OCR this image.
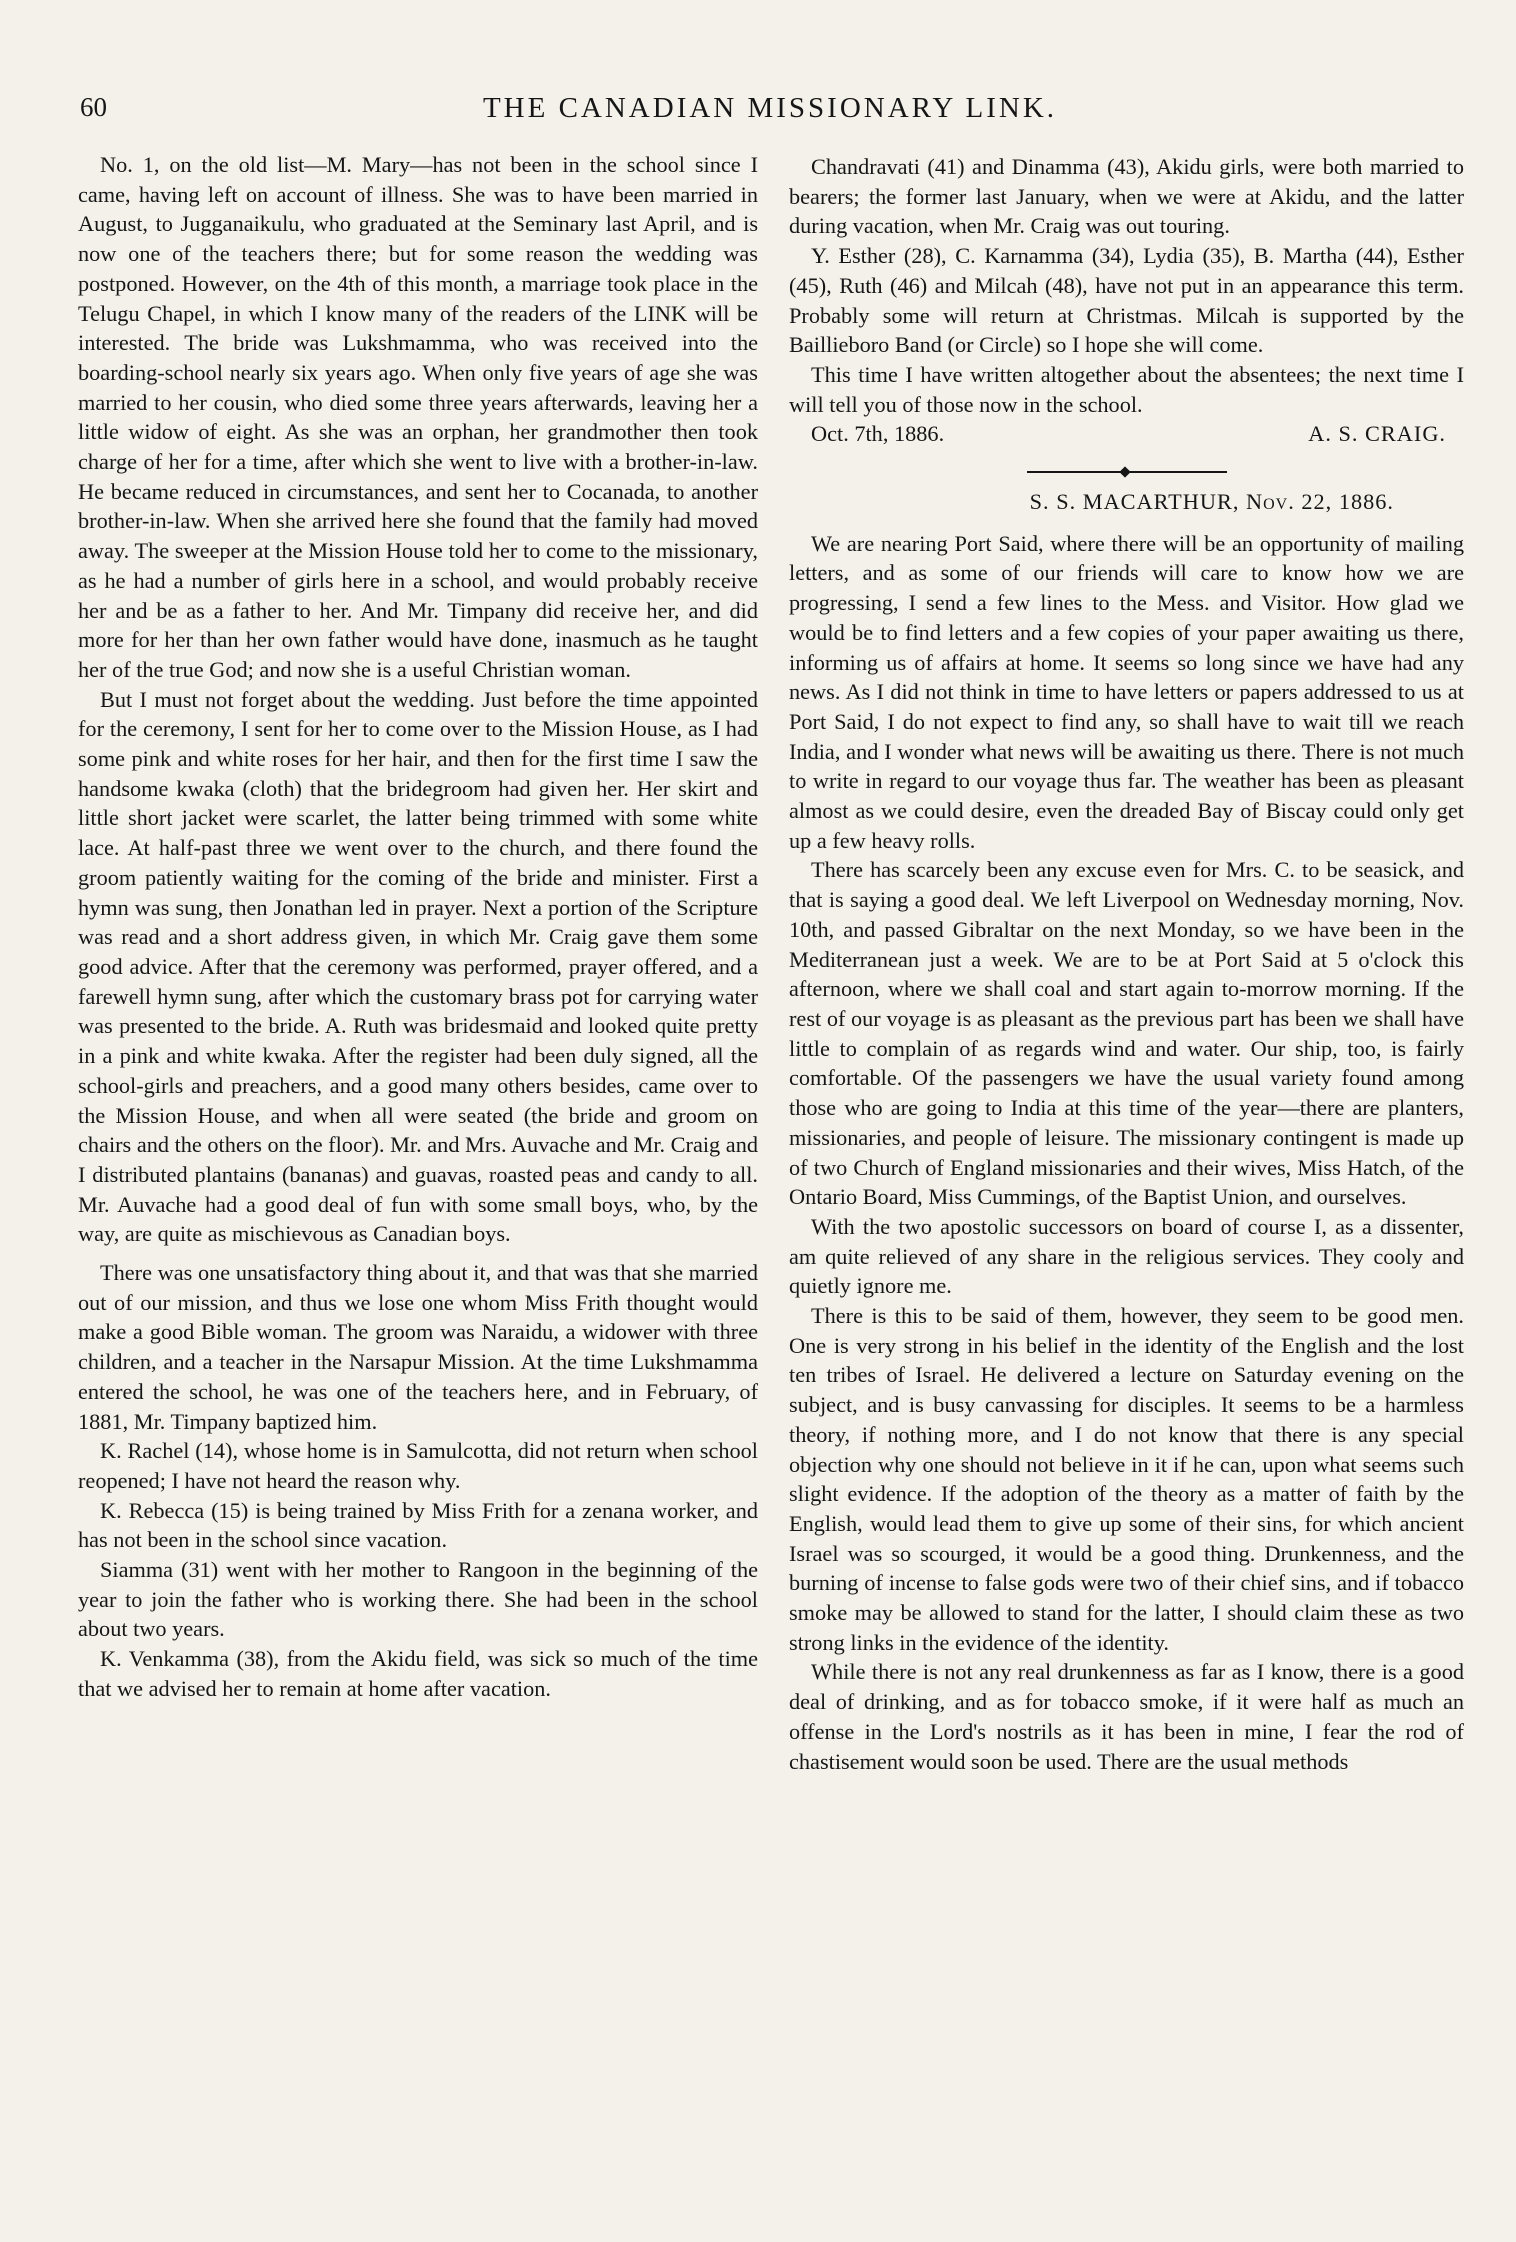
60	THE CANADIAN MISSIONARY LINK.

No. 1, on the old list—M. Mary—has not been in the school since I came, having left on account of illness. She was to have been married in August, to Jugganaikulu, who graduated at the Seminary last April, and is now one of the teachers there; but for some reason the wedding was postponed. However, on the 4th of this month, a marriage took place in the Telugu Chapel, in which I know many of the readers of the LINK will be interested. The bride was Lukshmamma, who was received into the boarding-school nearly six years ago. When only five years of age she was married to her cousin, who died some three years afterwards, leaving her a little widow of eight. As she was an orphan, her grandmother then took charge of her for a time, after which she went to live with a brother-in-law. He became reduced in circumstances, and sent her to Cocanada, to another brother-in-law. When she arrived here she found that the family had moved away. The sweeper at the Mission House told her to come to the missionary, as he had a number of girls here in a school, and would probably receive her and be as a father to her. And Mr. Timpany did receive her, and did more for her than her own father would have done, inasmuch as he taught her of the true God; and now she is a useful Christian woman.

But I must not forget about the wedding. Just before the time appointed for the ceremony, I sent for her to come over to the Mission House, as I had some pink and white roses for her hair, and then for the first time I saw the handsome kwaka (cloth) that the bridegroom had given her. Her skirt and little short jacket were scarlet, the latter being trimmed with some white lace. At half-past three we went over to the church, and there found the groom patiently waiting for the coming of the bride and minister. First a hymn was sung, then Jonathan led in prayer. Next a portion of the Scripture was read and a short address given, in which Mr. Craig gave them some good advice. After that the ceremony was performed, prayer offered, and a farewell hymn sung, after which the customary brass pot for carrying water was presented to the bride. A. Ruth was bridesmaid and looked quite pretty in a pink and white kwaka. After the register had been duly signed, all the school-girls and preachers, and a good many others besides, came over to the Mission House, and when all were seated (the bride and groom on chairs and the others on the floor). Mr. and Mrs. Auvache and Mr. Craig and I distributed plantains (bananas) and guavas, roasted peas and candy to all. Mr. Auvache had a good deal of fun with some small boys, who, by the way, are quite as mischievous as Canadian boys.

There was one unsatisfactory thing about it, and that was that she married out of our mission, and thus we lose one whom Miss Frith thought would make a good Bible woman. The groom was Naraidu, a widower with three children, and a teacher in the Narsapur Mission. At the time Lukshmamma entered the school, he was one of the teachers here, and in February, of 1881, Mr. Timpany baptized him.

K. Rachel (14), whose home is in Samulcotta, did not return when school reopened; I have not heard the reason why.

K. Rebecca (15) is being trained by Miss Frith for a zenana worker, and has not been in the school since vacation.

Siamma (31) went with her mother to Rangoon in the beginning of the year to join the father who is working there. She had been in the school about two years.

K. Venkamma (38), from the Akidu field, was sick so much of the time that we advised her to remain at home after vacation.

Chandravati (41) and Dinamma (43), Akidu girls, were both married to bearers; the former last January, when we were at Akidu, and the latter during vacation, when Mr. Craig was out touring.

Y. Esther (28), C. Karnamma (34), Lydia (35), B. Martha (44), Esther (45), Ruth (46) and Milcah (48), have not put in an appearance this term. Probably some will return at Christmas. Milcah is supported by the Baillieboro Band (or Circle) so I hope she will come.

This time I have written altogether about the absentees; the next time I will tell you of those now in the school.

Oct. 7th, 1886.	A. S. CRAIG.
S. S. MACARTHUR, Nov. 22, 1886.

We are nearing Port Said, where there will be an opportunity of mailing letters, and as some of our friends will care to know how we are progressing, I send a few lines to the Mess. and Visitor. How glad we would be to find letters and a few copies of your paper awaiting us there, informing us of affairs at home. It seems so long since we have had any news. As I did not think in time to have letters or papers addressed to us at Port Said, I do not expect to find any, so shall have to wait till we reach India, and I wonder what news will be awaiting us there. There is not much to write in regard to our voyage thus far. The weather has been as pleasant almost as we could desire, even the dreaded Bay of Biscay could only get up a few heavy rolls.

There has scarcely been any excuse even for Mrs. C. to be seasick, and that is saying a good deal. We left Liverpool on Wednesday morning, Nov. 10th, and passed Gibraltar on the next Monday, so we have been in the Mediterranean just a week. We are to be at Port Said at 5 o'clock this afternoon, where we shall coal and start again to-morrow morning. If the rest of our voyage is as pleasant as the previous part has been we shall have little to complain of as regards wind and water. Our ship, too, is fairly comfortable. Of the passengers we have the usual variety found among those who are going to India at this time of the year—there are planters, missionaries, and people of leisure. The missionary contingent is made up of two Church of England missionaries and their wives, Miss Hatch, of the Ontario Board, Miss Cummings, of the Baptist Union, and ourselves.

With the two apostolic successors on board of course I, as a dissenter, am quite relieved of any share in the religious services. They cooly and quietly ignore me.

There is this to be said of them, however, they seem to be good men. One is very strong in his belief in the identity of the English and the lost ten tribes of Israel. He delivered a lecture on Saturday evening on the subject, and is busy canvassing for disciples. It seems to be a harmless theory, if nothing more, and I do not know that there is any special objection why one should not believe in it if he can, upon what seems such slight evidence. If the adoption of the theory as a matter of faith by the English, would lead them to give up some of their sins, for which ancient Israel was so scourged, it would be a good thing. Drunkenness, and the burning of incense to false gods were two of their chief sins, and if tobacco smoke may be allowed to stand for the latter, I should claim these as two strong links in the evidence of the identity.

While there is not any real drunkenness as far as I know, there is a good deal of drinking, and as for tobacco smoke, if it were half as much an offense in the Lord's nostrils as it has been in mine, I fear the rod of chastisement would soon be used. There are the usual methods
